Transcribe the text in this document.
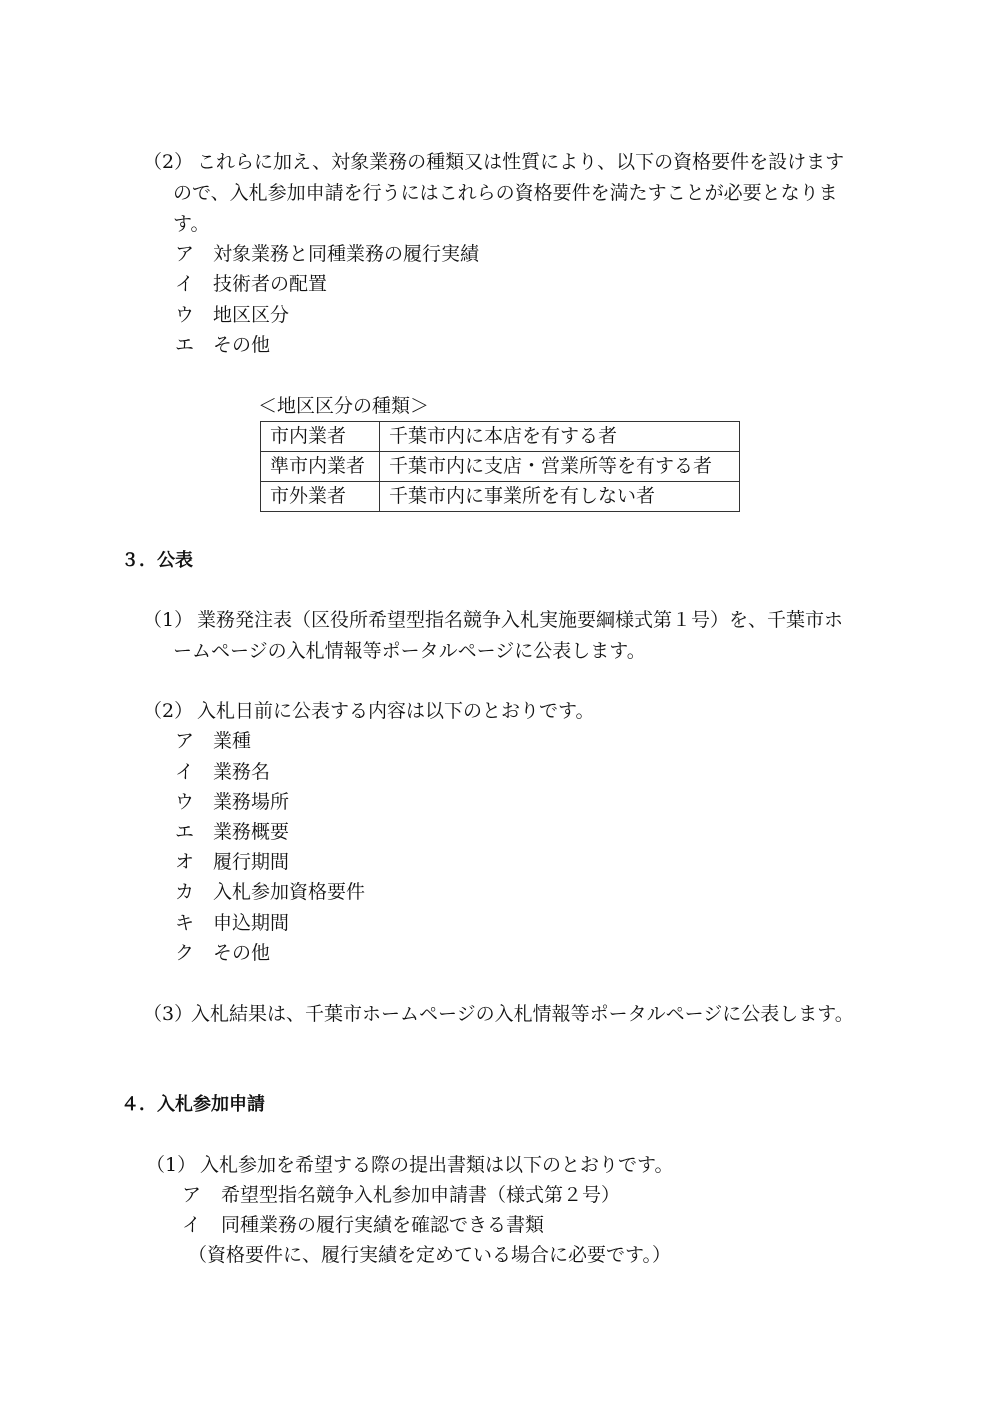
（2） これらに加え、対象業務の種類又は性質により、以下の資格要件を設けます
ので、入札参加申請を行うにはこれらの資格要件を満たすことが必要となりま
す。
ア 対象業務と同種業務の履行実績
イ 技術者の配置
ウ 地区区分
エ その他
＜地区区分の種類＞
市内業者	千葉市内に本店を有する者
準市内業者	千葉市内に支店・営業所等を有する者
市外業者	千葉市内に事業所を有しない者
３．公表
（1） 業務発注表（区役所希望型指名競争入札実施要綱様式第１号）を、千葉市ホ
ームページの入札情報等ポータルページに公表します。
（2） 入札日前に公表する内容は以下のとおりです。
ア 業種
イ 業務名
ウ 業務場所
エ 業務概要
オ 履行期間
カ 入札参加資格要件
キ 申込期間
ク その他
（3）
入札結果は、千葉市ホームページの入札情報等ポータルページに公表します。
４．入札参加申請
（1） 入札参加を希望する際の提出書類は以下のとおりです。
ア 希望型指名競争入札参加申請書（様式第２号）
イ 同種業務の履行実績を確認できる書類
（資格要件に、履行実績を定めている場合に必要です。）
